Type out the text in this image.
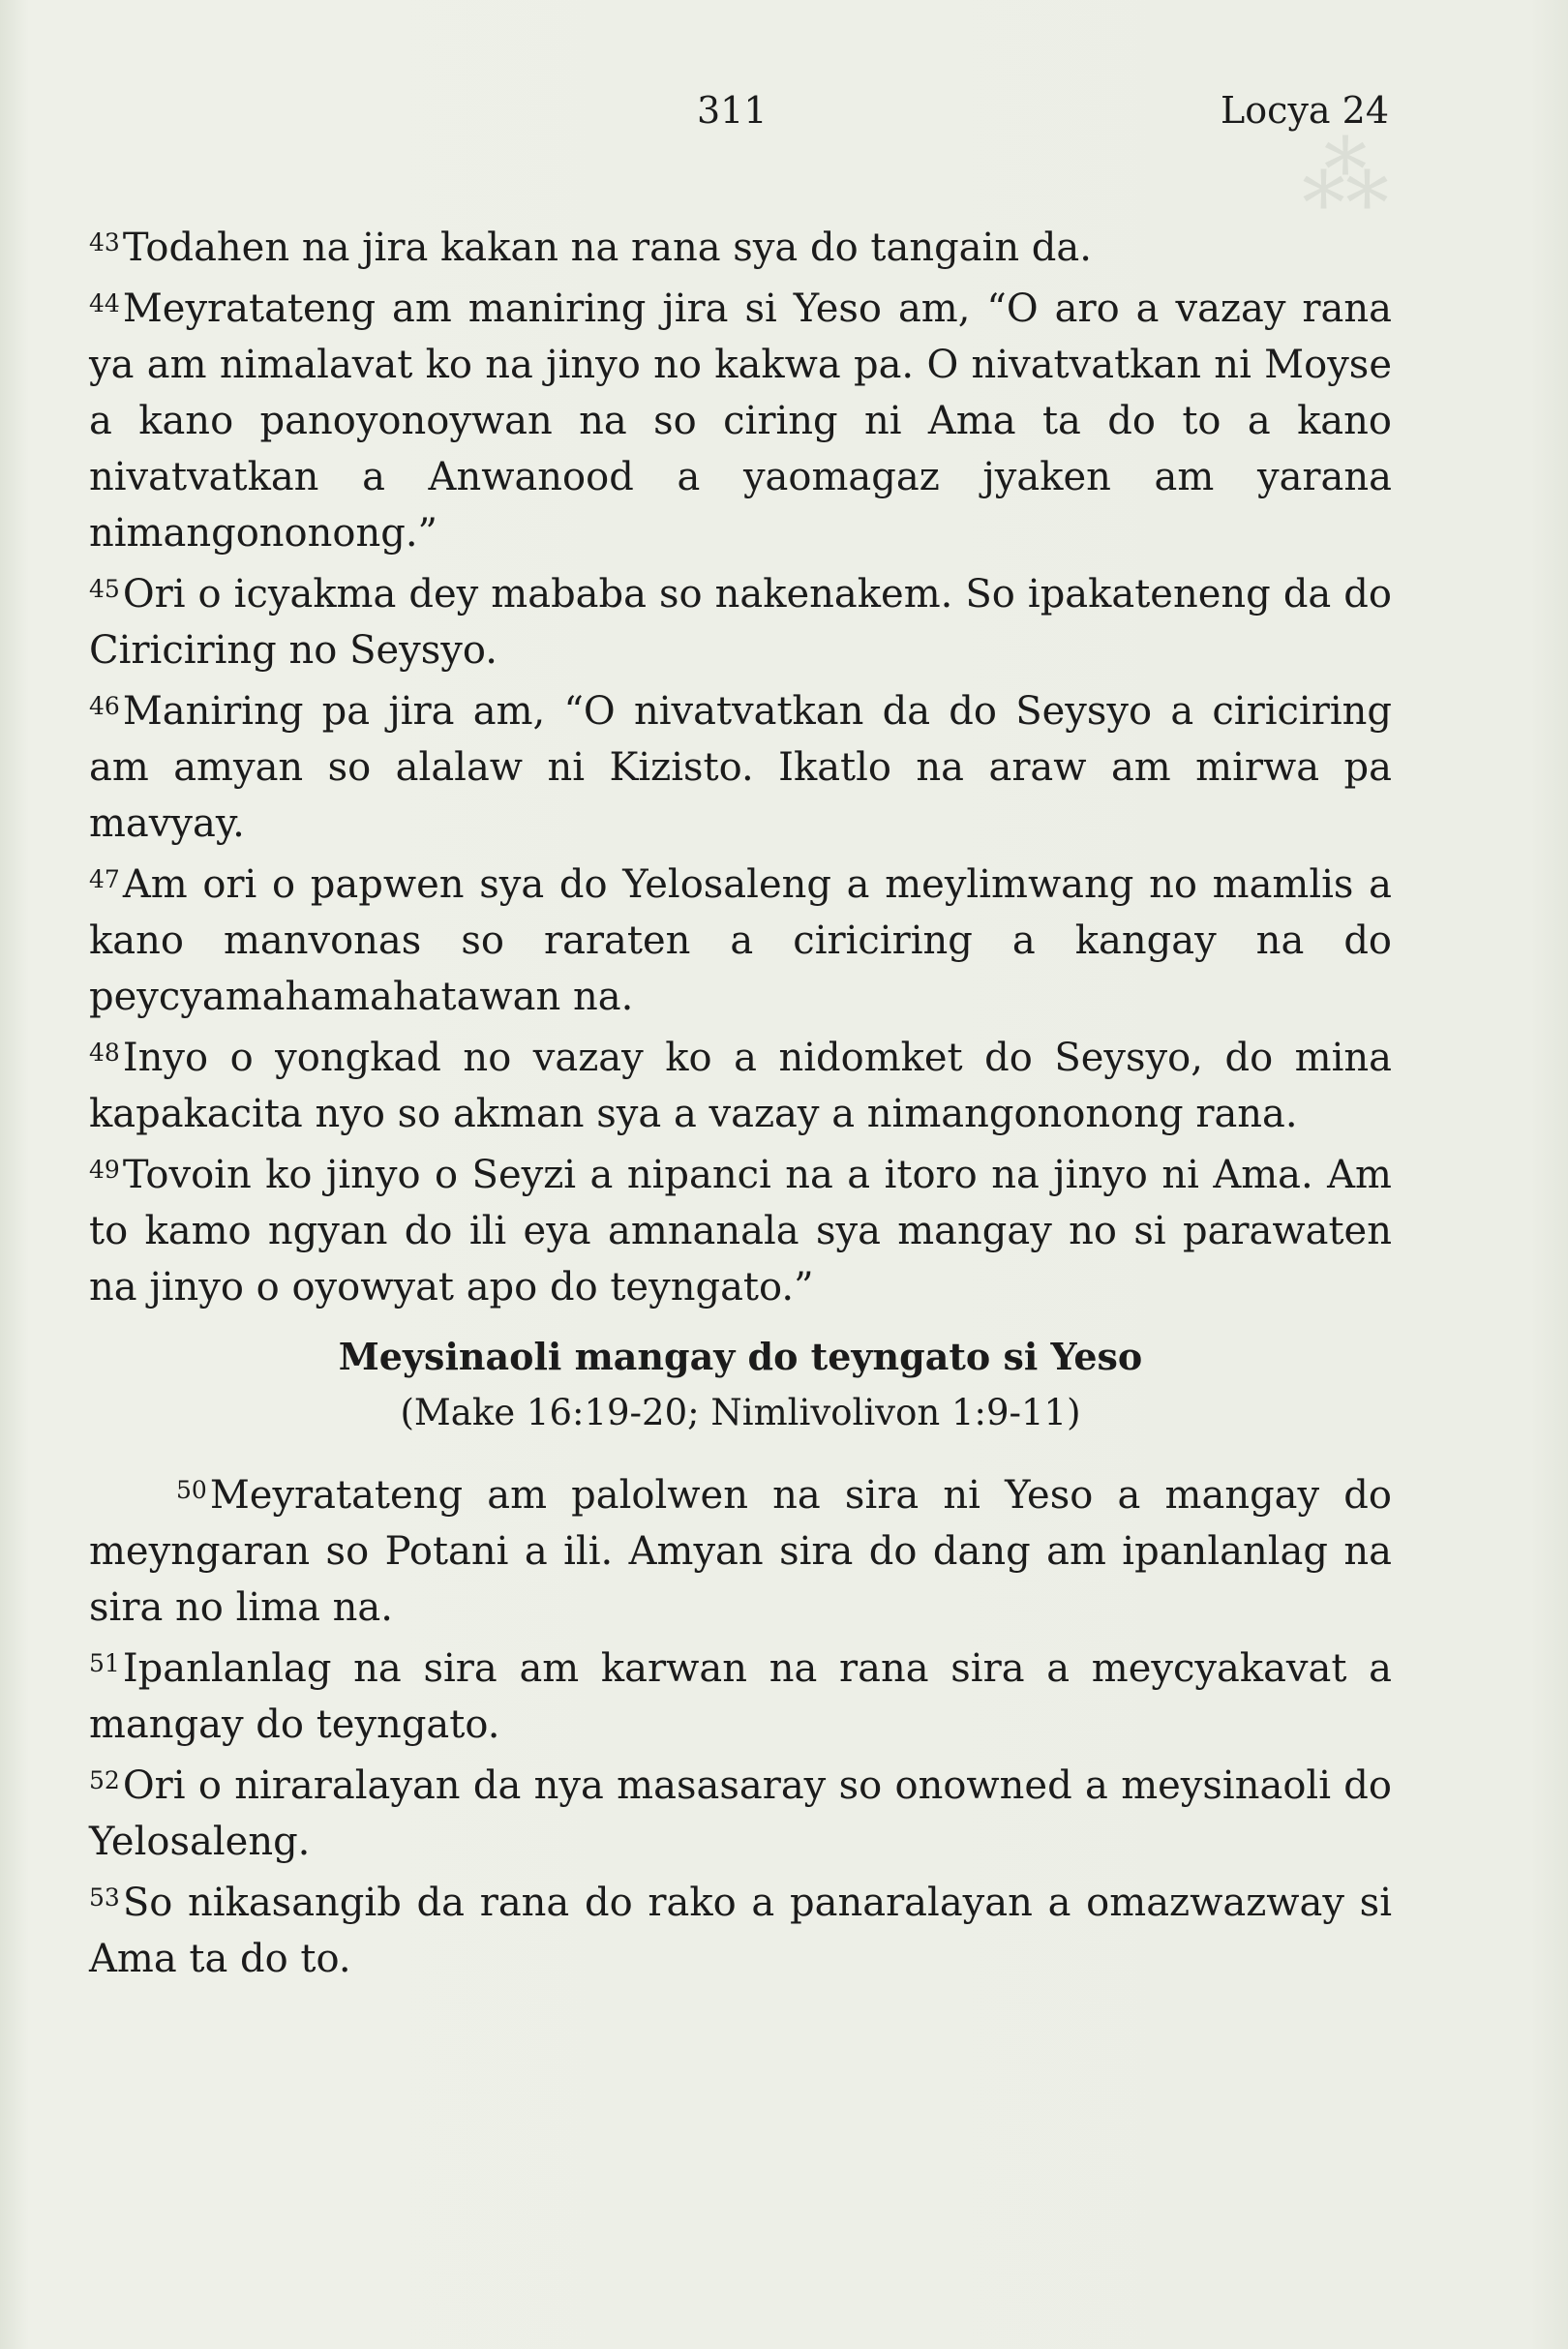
⁂
311	Locya 24

$^{43}$Todahen na jira kakan na rana sya do tangain da.

$^{44}$Meyratateng am maniring jira si Yeso am, “O aro a vazay rana ya am nimalavat ko na jinyo no kakwa pa. O nivatvatkan ni Moyse a kano panoyonoywan na so ciring ni Ama ta do to a kano nivatvatkan a Anwanood a yaomagaz jyaken am yarana nimangononong.”

$^{45}$Ori o icyakma dey mababa so nakenakem. So ipakateneng da do Ciriciring no Seysyo.

$^{46}$Maniring pa jira am, “O nivatvatkan da do Seysyo a ciriciring am amyan so alalaw ni Kizisto. Ikatlo na araw am mirwa pa mavyay.

$^{47}$Am ori o papwen sya do Yelosaleng a meylimwang no mamlis a kano manvonas so raraten a ciriciring a kangay na do peycyamahamahatawan na.

$^{48}$Inyo o yongkad no vazay ko a nidomket do Seysyo, do mina kapakacita nyo so akman sya a vazay a nimangononong rana.

$^{49}$Tovoin ko jinyo o Seyzi a nipanci na a itoro na jinyo ni Ama. Am to kamo ngyan do ili eya amnanala sya mangay no si parawaten na jinyo o oyowyat apo do teyngato.”

Meysinaoli mangay do teyngato si Yeso
(Make 16:19-20; Nimlivolivon 1:9-11)

$^{50}$Meyratateng am palolwen na sira ni Yeso a mangay do meyngaran so Potani a ili. Amyan sira do dang am ipanlanlag na sira no lima na.

$^{51}$Ipanlanlag na sira am karwan na rana sira a meycyakavat a mangay do teyngato.

$^{52}$Ori o niraralayan da nya masasaray so onowned a meysinaoli do Yelosaleng.

$^{53}$So nikasangib da rana do rako a panaralayan a omazwazway si Ama ta do to.
